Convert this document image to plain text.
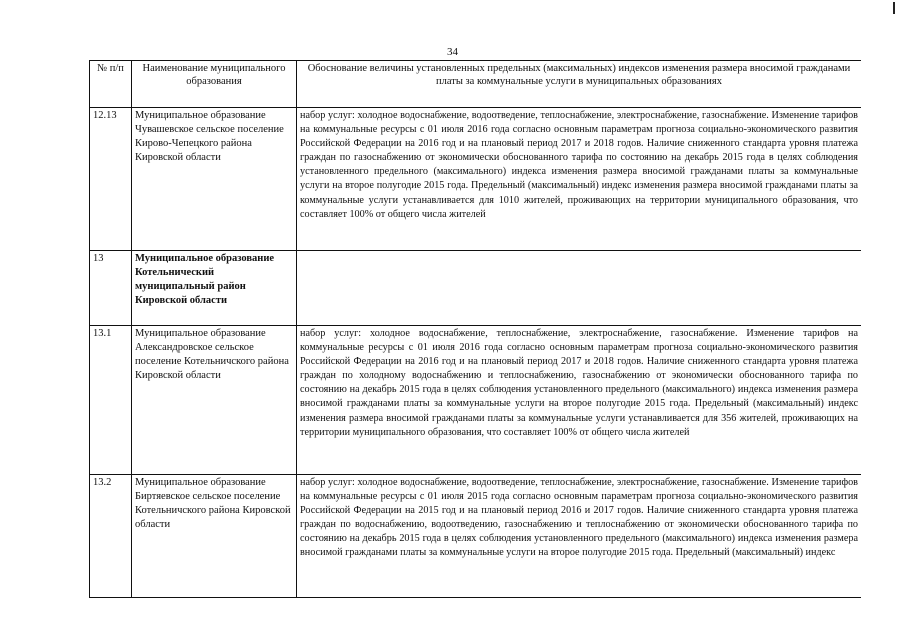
34
№ п/п	Наименование муниципального образования	Обоснование величины установленных предельных (максимальных) индексов изменения размера вносимой гражданами платы за коммунальные услуги в муниципальных образованиях
12.13	Муниципальное образование Чувашевское сельское поселение Кирово-Чепецкого района Кировской области	набор услуг: холодное водоснабжение, водоотведение, теплоснабжение, электроснабжение, газоснабжение. Изменение тарифов на коммунальные ресурсы с 01 июля 2016 года согласно основным параметрам прогноза социально-экономического развития Российской Федерации на 2016 год и на плановый период 2017 и 2018 годов. Наличие сниженного стандарта уровня платежа граждан по газоснабжению от экономически обоснованного тарифа по состоянию на декабрь 2015 года в целях соблюдения установленного предельного (максимального) индекса изменения размера вносимой гражданами платы за коммунальные услуги на второе полугодие 2015 года. Предельный (максимальный) индекс изменения размера вносимой гражданами платы за коммунальные услуги устанавливается для 1010 жителей, проживающих на территории муниципального образования, что составляет 100% от общего числа жителей
13	Муниципальное образование Котельнический муниципальный район Кировской области	
13.1	Муниципальное образование Александровское сельское поселение Котельничского района Кировской области	набор услуг: холодное водоснабжение, теплоснабжение, электроснабжение, газоснабжение. Изменение тарифов на коммунальные ресурсы с 01 июля 2016 года согласно основным параметрам прогноза социально-экономического развития Российской Федерации на 2016 год и на плановый период 2017 и 2018 годов. Наличие сниженного стандарта уровня платежа граждан по холодному водоснабжению и теплоснабжению, газоснабжению от экономически обоснованного тарифа по состоянию на декабрь 2015 года в целях соблюдения установленного предельного (максимального) индекса изменения размера вносимой гражданами платы за коммунальные услуги на второе полугодие 2015 года. Предельный (максимальный) индекс изменения размера вносимой гражданами платы за коммунальные услуги устанавливается для 356 жителей, проживающих на территории муниципального образования, что составляет 100% от общего числа жителей
13.2	Муниципальное образование Биртяевское сельское поселение Котельничского района Кировской области	набор услуг: холодное водоснабжение, водоотведение, теплоснабжение, электроснабжение, газоснабжение. Изменение тарифов на коммунальные ресурсы с 01 июля 2015 года согласно основным параметрам прогноза социально-экономического развития Российской Федерации на 2015 год и на плановый период 2016 и 2017 годов. Наличие сниженного стандарта уровня платежа граждан по водоснабжению, водоотведению, газоснабжению и теплоснабжению от экономически обоснованного тарифа по состоянию на декабрь 2015 года в целях соблюдения установленного предельного (максимального) индекса изменения размера вносимой гражданами платы за коммунальные услуги на второе полугодие 2015 года. Предельный (максимальный) индекс
